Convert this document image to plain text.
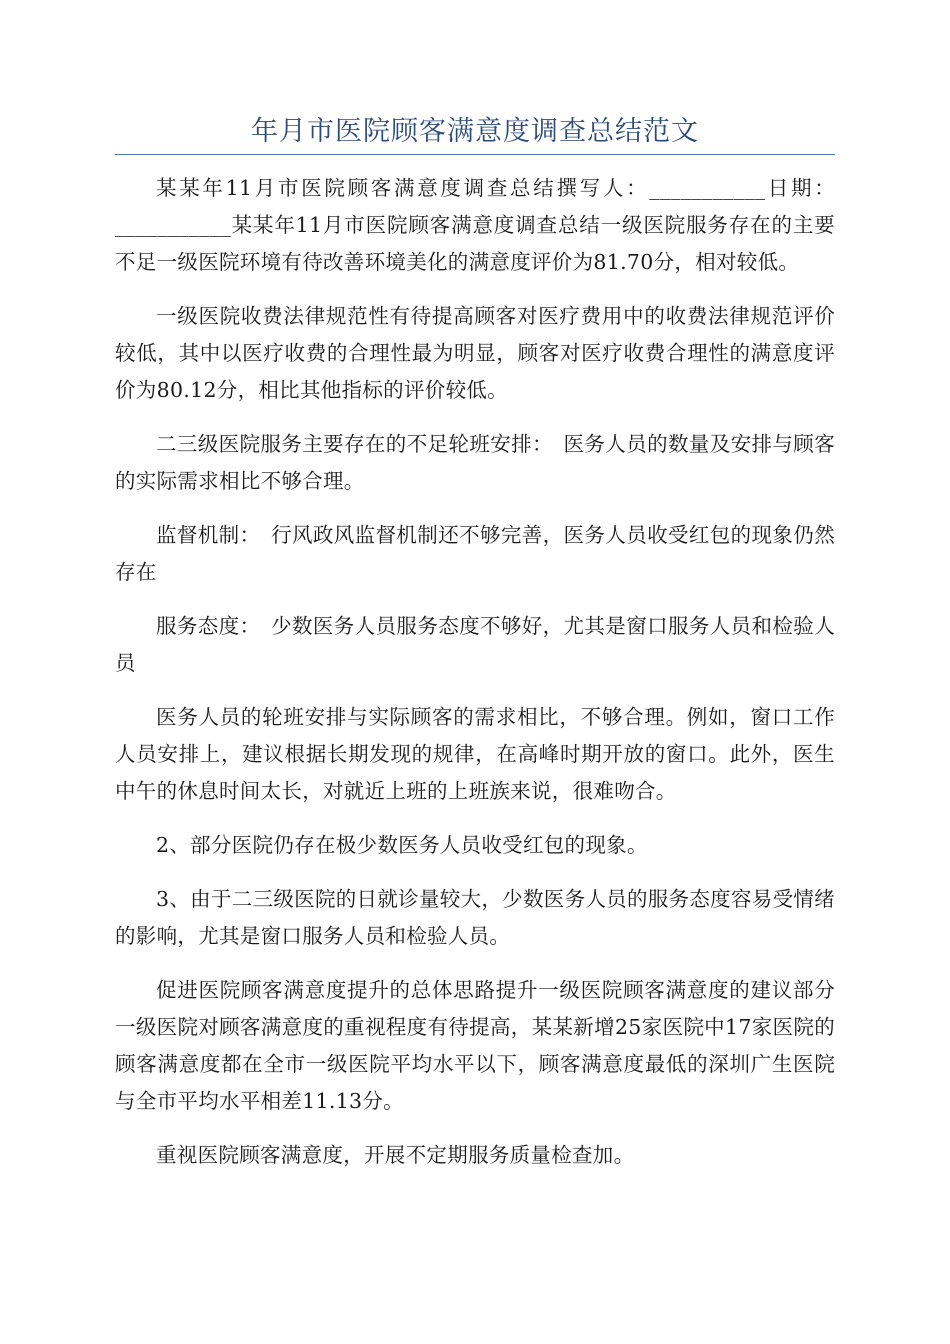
年月市医院顾客满意度调查总结范文

某某年11月市医院顾客满意度调查总结撰写人：___________日期：___________某某年11月市医院顾客满意度调查总结一级医院服务存在的主要不足一级医院环境有待改善环境美化的满意度评价为81.70分，相对较低。

一级医院收费法律规范性有待提高顾客对医疗费用中的收费法律规范评价较低，其中以医疗收费的合理性最为明显，顾客对医疗收费合理性的满意度评价为80.12分，相比其他指标的评价较低。

二三级医院服务主要存在的不足轮班安排：　医务人员的数量及安排与顾客的实际需求相比不够合理。

监督机制：　行风政风监督机制还不够完善，医务人员收受红包的现象仍然存在

服务态度：　少数医务人员服务态度不够好，尤其是窗口服务人员和检验人员

医务人员的轮班安排与实际顾客的需求相比，不够合理。例如，窗口工作人员安排上，建议根据长期发现的规律，在高峰时期开放的窗口。此外，医生中午的休息时间太长，对就近上班的上班族来说，很难吻合。

2、部分医院仍存在极少数医务人员收受红包的现象。

3、由于二三级医院的日就诊量较大，少数医务人员的服务态度容易受情绪的影响，尤其是窗口服务人员和检验人员。

促进医院顾客满意度提升的总体思路提升一级医院顾客满意度的建议部分一级医院对顾客满意度的重视程度有待提高，某某新增25家医院中17家医院的顾客满意度都在全市一级医院平均水平以下，顾客满意度最低的深圳广生医院与全市平均水平相差11.13分。

重视医院顾客满意度，开展不定期服务质量检查加。
